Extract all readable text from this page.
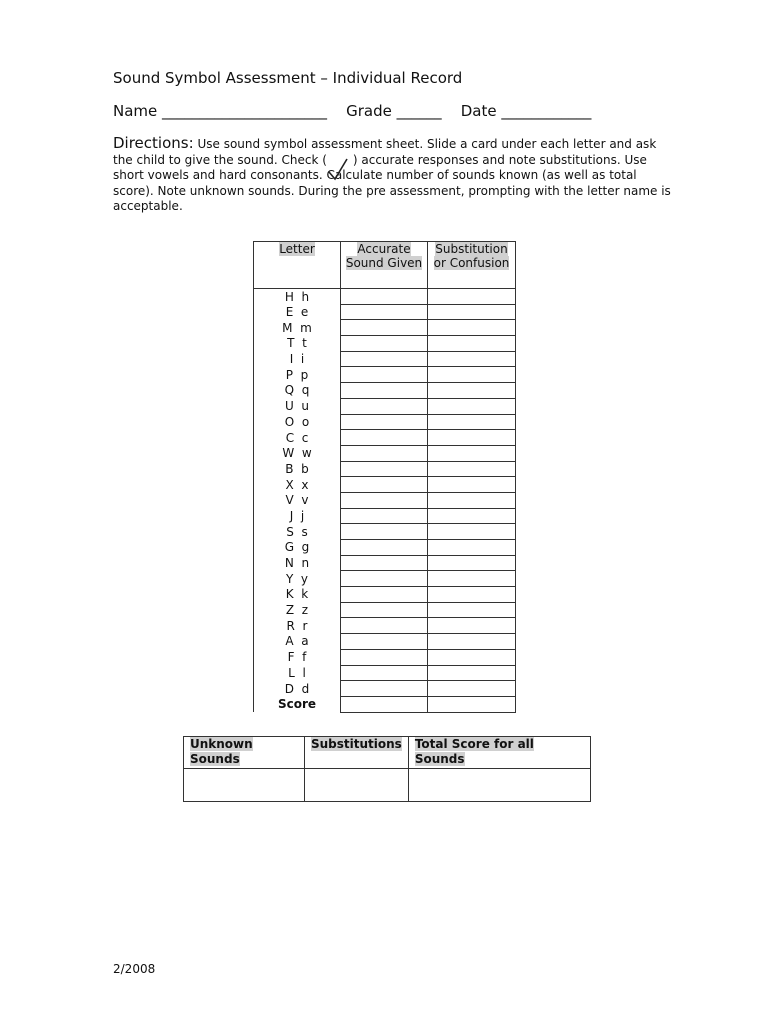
Sound Symbol Assessment – Individual Record
Name ______________________ Grade ______ Date ____________
Directions: Use sound symbol assessment sheet. Slide a card under each letter and ask the child to give the sound. Check ( ) accurate responses and note substitutions. Use short vowels and hard consonants. Calculate number of sounds known (as well as total score). Note unknown sounds. During the pre assessment, prompting with the letter name is acceptable.
Letter	Accurate Sound Given	Substitution or Confusion
H  h		
E  e		
M  m		
T  t		
I  i		
P  p		
Q  q		
U  u		
O  o		
C  c		
W  w		
B  b		
X  x		
V  v		
J  j		
S  s		
G  g		
N  n		
Y  y		
K  k		
Z  z		
R  r		
A  a		
F  f		
L  l		
D  d		
Score		
Unknown Sounds	Substitutions	Total Score for all Sounds

2/2008
